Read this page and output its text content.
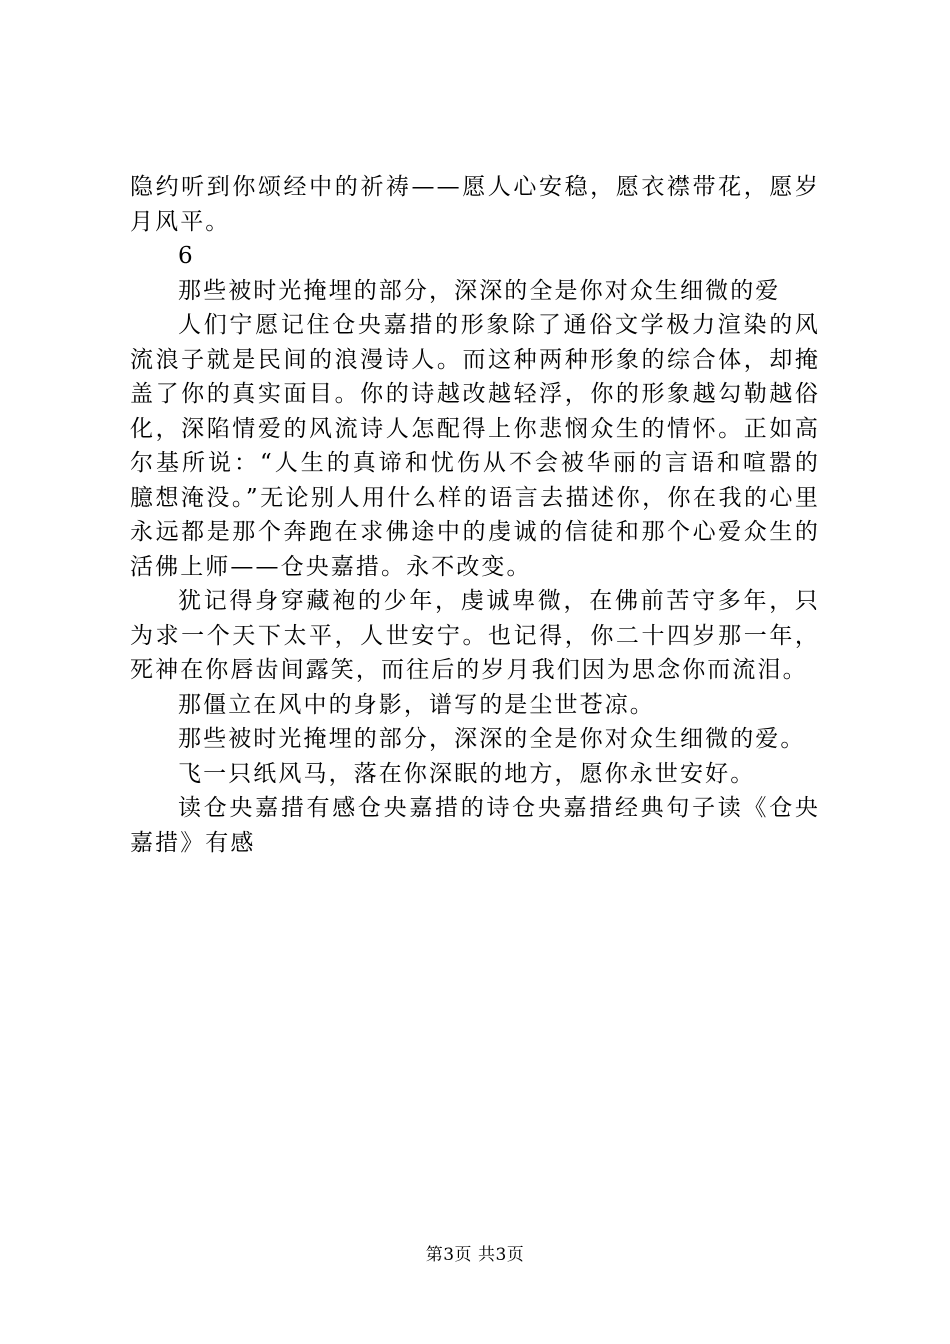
隐约听到你颂经中的祈祷——愿人心安稳，愿衣襟带花，愿岁月风平。

6

那些被时光掩埋的部分，深深的全是你对众生细微的爱

人们宁愿记住仓央嘉措的形象除了通俗文学极力渲染的风流浪子就是民间的浪漫诗人。而这种两种形象的综合体，却掩盖了你的真实面目。你的诗越改越轻浮，你的形象越勾勒越俗化，深陷情爱的风流诗人怎配得上你悲悯众生的情怀。正如高尔基所说：“人生的真谛和忧伤从不会被华丽的言语和喧嚣的臆想淹没。”无论别人用什么样的语言去描述你，你在我的心里永远都是那个奔跑在求佛途中的虔诚的信徒和那个心爱众生的活佛上师——仓央嘉措。永不改变。

犹记得身穿藏袍的少年，虔诚卑微，在佛前苦守多年，只为求一个天下太平，人世安宁。也记得，你二十四岁那一年，死神在你唇齿间露笑，而往后的岁月我们因为思念你而流泪。

那僵立在风中的身影，谱写的是尘世苍凉。

那些被时光掩埋的部分，深深的全是你对众生细微的爱。

飞一只纸风马，落在你深眠的地方，愿你永世安好。

读仓央嘉措有感仓央嘉措的诗仓央嘉措经典句子读《仓央嘉措》有感

第3页 共3页
